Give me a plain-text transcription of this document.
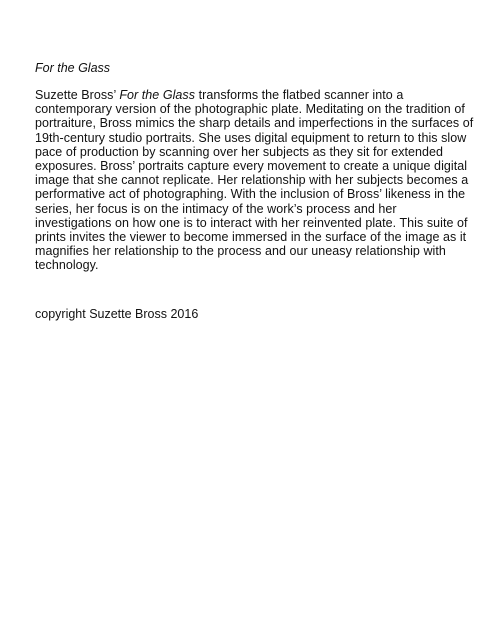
For the Glass

Suzette Bross’ For the Glass transforms the flatbed scanner into a contemporary version of the photographic plate. Meditating on the tradition of portraiture, Bross mimics the sharp details and imperfections in the surfaces of 19th-century studio portraits. She uses digital equipment to return to this slow pace of production by scanning over her subjects as they sit for extended exposures. Bross’ portraits capture every movement to create a unique digital image that she cannot replicate. Her relationship with her subjects becomes a performative act of photographing. With the inclusion of Bross’ likeness in the series, her focus is on the intimacy of the work’s process and her investigations on how one is to interact with her reinvented plate. This suite of prints invites the viewer to become immersed in the surface of the image as it magnifies her relationship to the process and our uneasy relationship with technology.

copyright Suzette Bross 2016
